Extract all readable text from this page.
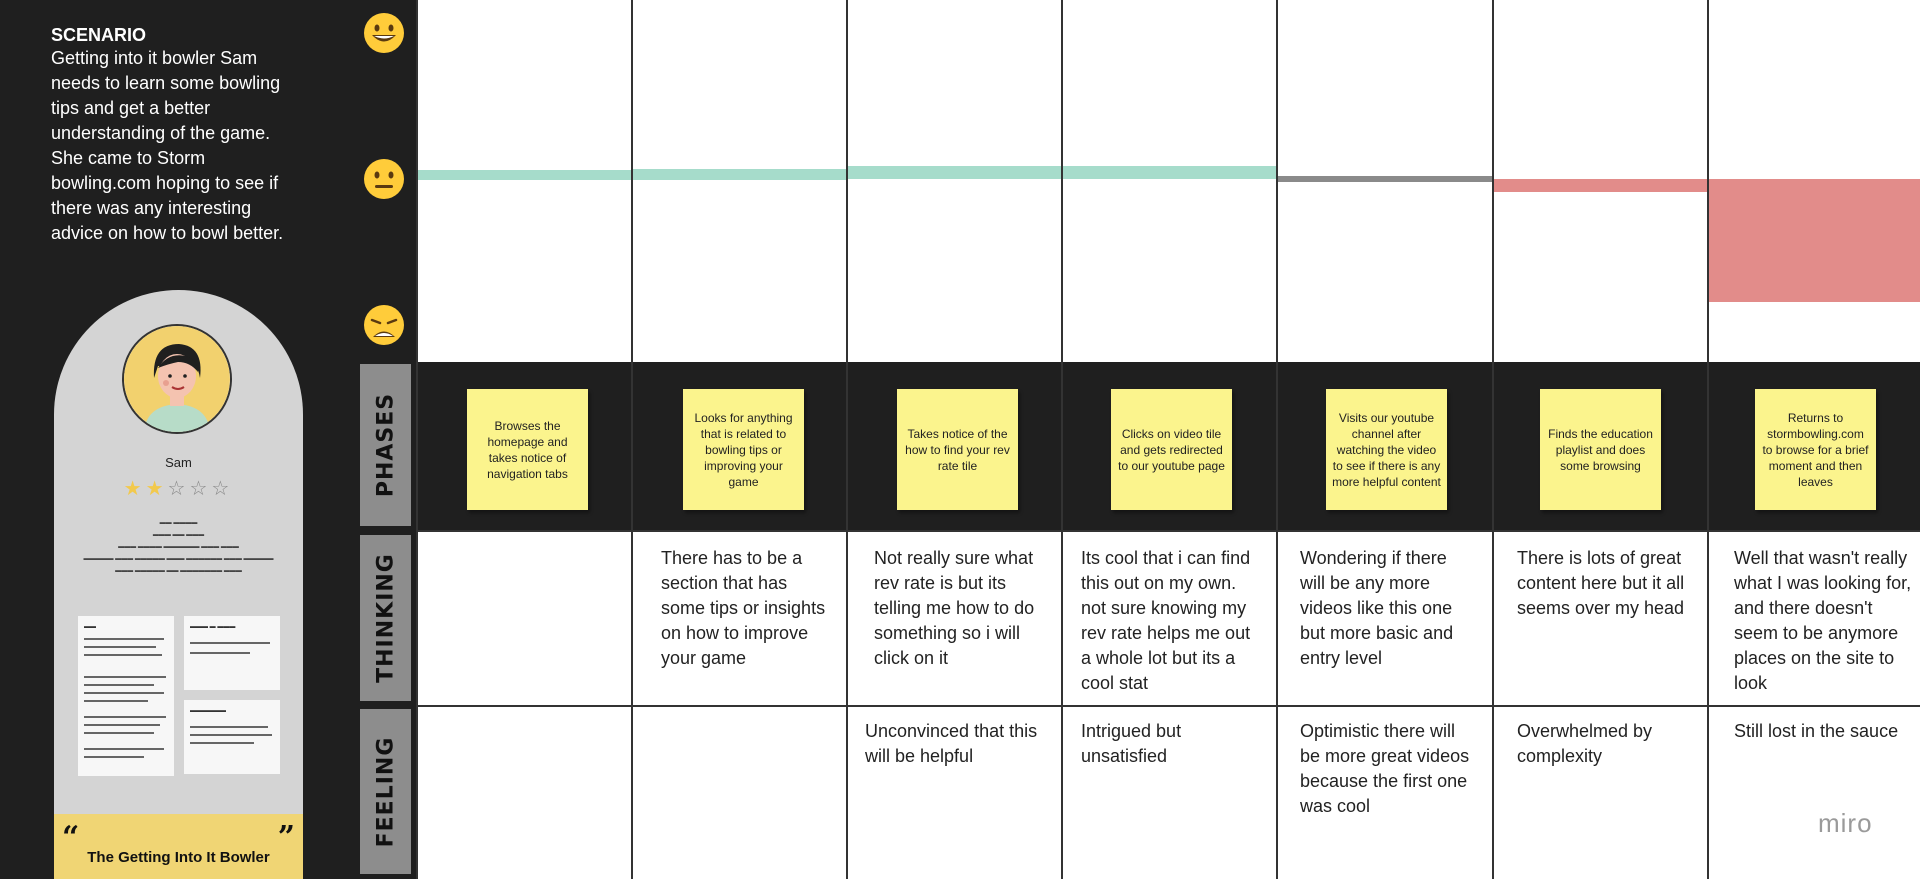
SCENARIO
Getting into it bowler Sam needs to learn some bowling tips and get a better understanding of the game. She came to Storm bowling.com hoping to see if there was any interesting advice on how to bowl better.
Sam
★★☆☆☆
▬▬ ▬▬▬▬
▬▬▬ ▬▬ ▬▬▬
▬▬▬ ▬▬▬▬ ▬▬▬▬▬▬ ▬▬▬ ▬▬▬
▬▬▬▬▬ ▬▬▬ ▬▬▬▬▬ ▬▬▬ ▬▬▬▬▬▬ ▬▬▬ ▬▬▬▬▬
▬▬▬ ▬▬▬▬▬ ▬▬ ▬▬▬▬▬▬▬ ▬▬▬
▬▬	▬▬▬ ▬ ▬▬▬
▬▬▬▬▬▬
“	”
The Getting Into It Bowler
PHASES
THINKING
FEELING
Browses the homepage and takes notice of navigation tabs
Looks for anything that is related to bowling tips or improving your game
Takes notice of the how to find your rev rate tile
Clicks on video tile and gets redirected to our youtube page
Visits our youtube channel after watching the video to see if there is any more helpful content
Finds the education playlist and does some browsing
Returns to stormbowling.com to browse for a brief moment and then leaves
There has to be a section that has some tips or insights on how to improve your game
Not really sure what rev rate is but its telling me how to do something so i will click on it
Its cool that i can find this out on my own. not sure knowing my rev rate helps me out a whole lot but its a cool stat
Wondering if there will be any more videos like this one but more basic and entry level
There is lots of great content here but it all seems over my head
Well that wasn't really what I was looking for, and there doesn't seem to be anymore places on the site to look
Unconvinced that this will be helpful
Intrigued but unsatisfied
Optimistic there will be more great videos because the first one was cool
Overwhelmed by complexity
Still lost in the sauce
miro
